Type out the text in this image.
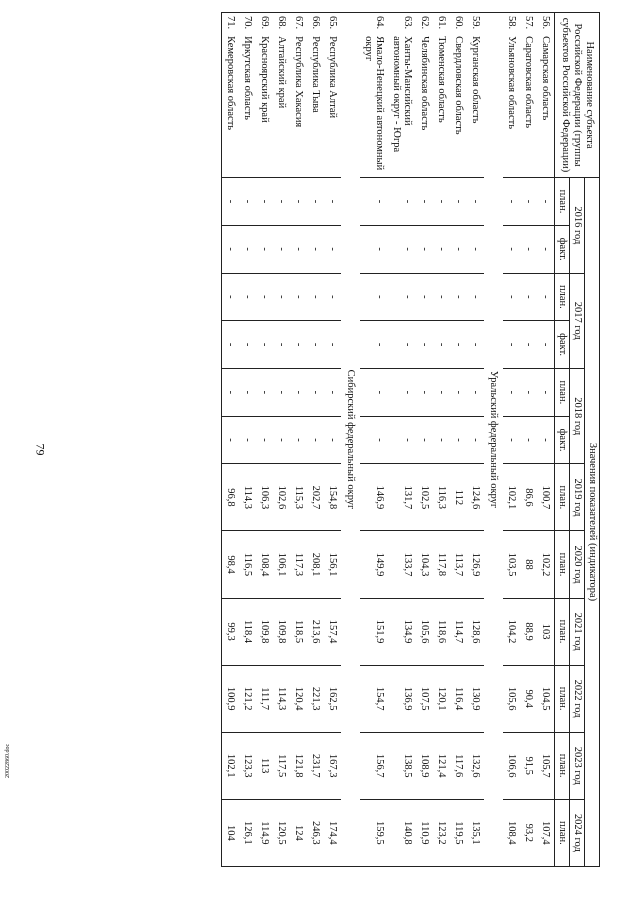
79
20022860.doc
Наименование субъекта Российской Федерации (группы субъектов Российской Федерации)		Значения показателей (индикатора)											
		2016 год		2017 год		2018 год		2019 год	2020 год	2021 год	2022 год	2023 год	2024 год
		план.	факт.	план.	факт.	план.	факт.	план.	план.	план.	план.	план.	план.
56.	Самарская область	-	-	-	-	-	-	100,7	102,2	103	104,5	105,7	107,4
57.	Саратовская область	-	-	-	-	-	-	86,6	88	88,9	90,4	91,5	93,2
58.	Ульяновская область	-	-	-	-	-	-	102,1	103,5	104,2	105,6	106,6	108,4
Уральский федеральный округ													
59.	Курганская область	-	-	-	-	-	-	124,6	126,9	128,6	130,9	132,6	135,1
60.	Свердловская область	-	-	-	-	-	-	112	113,7	114,7	116,4	117,6	119,5
61.	Тюменская область	-	-	-	-	-	-	116,3	117,8	118,6	120,1	121,4	123,2
62.	Челябинская область	-	-	-	-	-	-	102,5	104,3	105,6	107,5	108,9	110,9
63.	Ханты-Мансийский автономный округ - Югра	-	-	-	-	-	-	131,7	133,7	134,9	136,9	138,5	140,8
64.	Ямало-Ненецкий автономный округ	-	-	-	-	-	-	146,9	149,9	151,9	154,7	156,7	159,5
Сибирский федеральный округ													
65.	Республика Алтай	-	-	-	-	-	-	154,8	156,1	157,4	162,5	167,3	174,4
66.	Республика Тыва	-	-	-	-	-	-	202,7	208,1	213,6	221,3	231,7	246,3
67.	Республика Хакасия	-	-	-	-	-	-	115,3	117,3	118,5	120,4	121,8	124
68.	Алтайский край	-	-	-	-	-	-	102,6	106,1	109,8	114,3	117,5	120,5
69.	Красноярский край	-	-	-	-	-	-	106,3	108,4	109,8	111,7	113	114,9
70.	Иркутская область	-	-	-	-	-	-	114,3	116,5	118,4	121,2	123,3	126,1
71.	Кемеровская область	-	-	-	-	-	-	96,8	98,4	99,3	100,9	102,1	104
